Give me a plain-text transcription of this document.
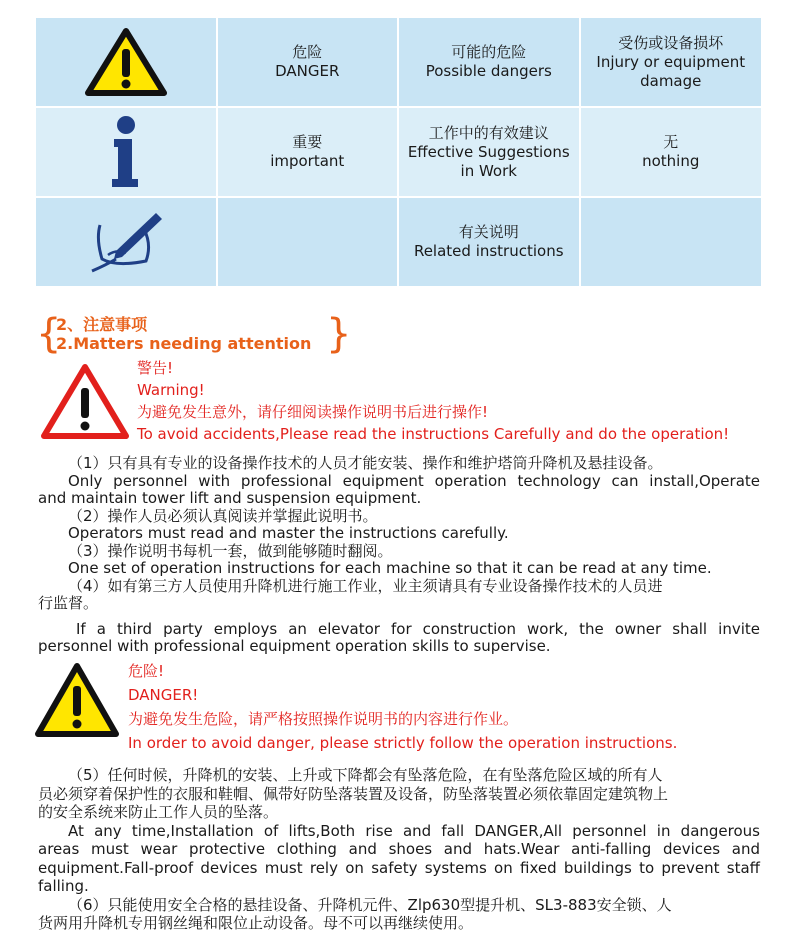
危险
DANGER
可能的危险
Possible dangers
受伤或设备损坏
Injury or equipment
damage
重要
important
工作中的有效建议
Effective Suggestions
in Work
无
nothing
有关说明
Related instructions
{
2、注意事项
2.Matters needing attention }
警告!
Warning!
为避免发生意外，请仔细阅读操作说明书后进行操作!
To avoid accidents,Please read the instructions Carefully and do the operation!
（1）只有具有专业的设备操作技术的人员才能安装、操作和维护塔筒升降机及悬挂设备。
Only personnel with professional equipment operation technology can install,Operate
and maintain tower lift and suspension equipment.
（2）操作人员必须认真阅读并掌握此说明书。
Operators must read and master the instructions carefully.
（3）操作说明书每机一套，做到能够随时翻阅。
One set of operation instructions for each machine so that it can be read at any time.
（4）如有第三方人员使用升降机进行施工作业，业主须请具有专业设备操作技术的人员进
行监督。
If a third party employs an elevator for construction work, the owner shall invite
personnel with professional equipment operation skills to supervise.
危险!
DANGER!
为避免发生危险，请严格按照操作说明书的内容进行作业。
In order to avoid danger, please strictly follow the operation instructions.
（5）任何时候，升降机的安装、上升或下降都会有坠落危险，在有坠落危险区域的所有人
员必须穿着保护性的衣服和鞋帽、佩带好防坠落装置及设备，防坠落装置必须依靠固定建筑物上
的安全系统来防止工作人员的坠落。
At any time,Installation of lifts,Both rise and fall DANGER,All personnel in dangerous
areas must wear protective clothing and shoes and hats.Wear anti-falling devices and
equipment.Fall-proof devices must rely on safety systems on fixed buildings to prevent staff
falling.
（6）只能使用安全合格的悬挂设备、升降机元件、Zlp630型提升机、SL3-883安全锁、人
货两用升降机专用钢丝绳和限位止动设备。母不可以再继续使用。
